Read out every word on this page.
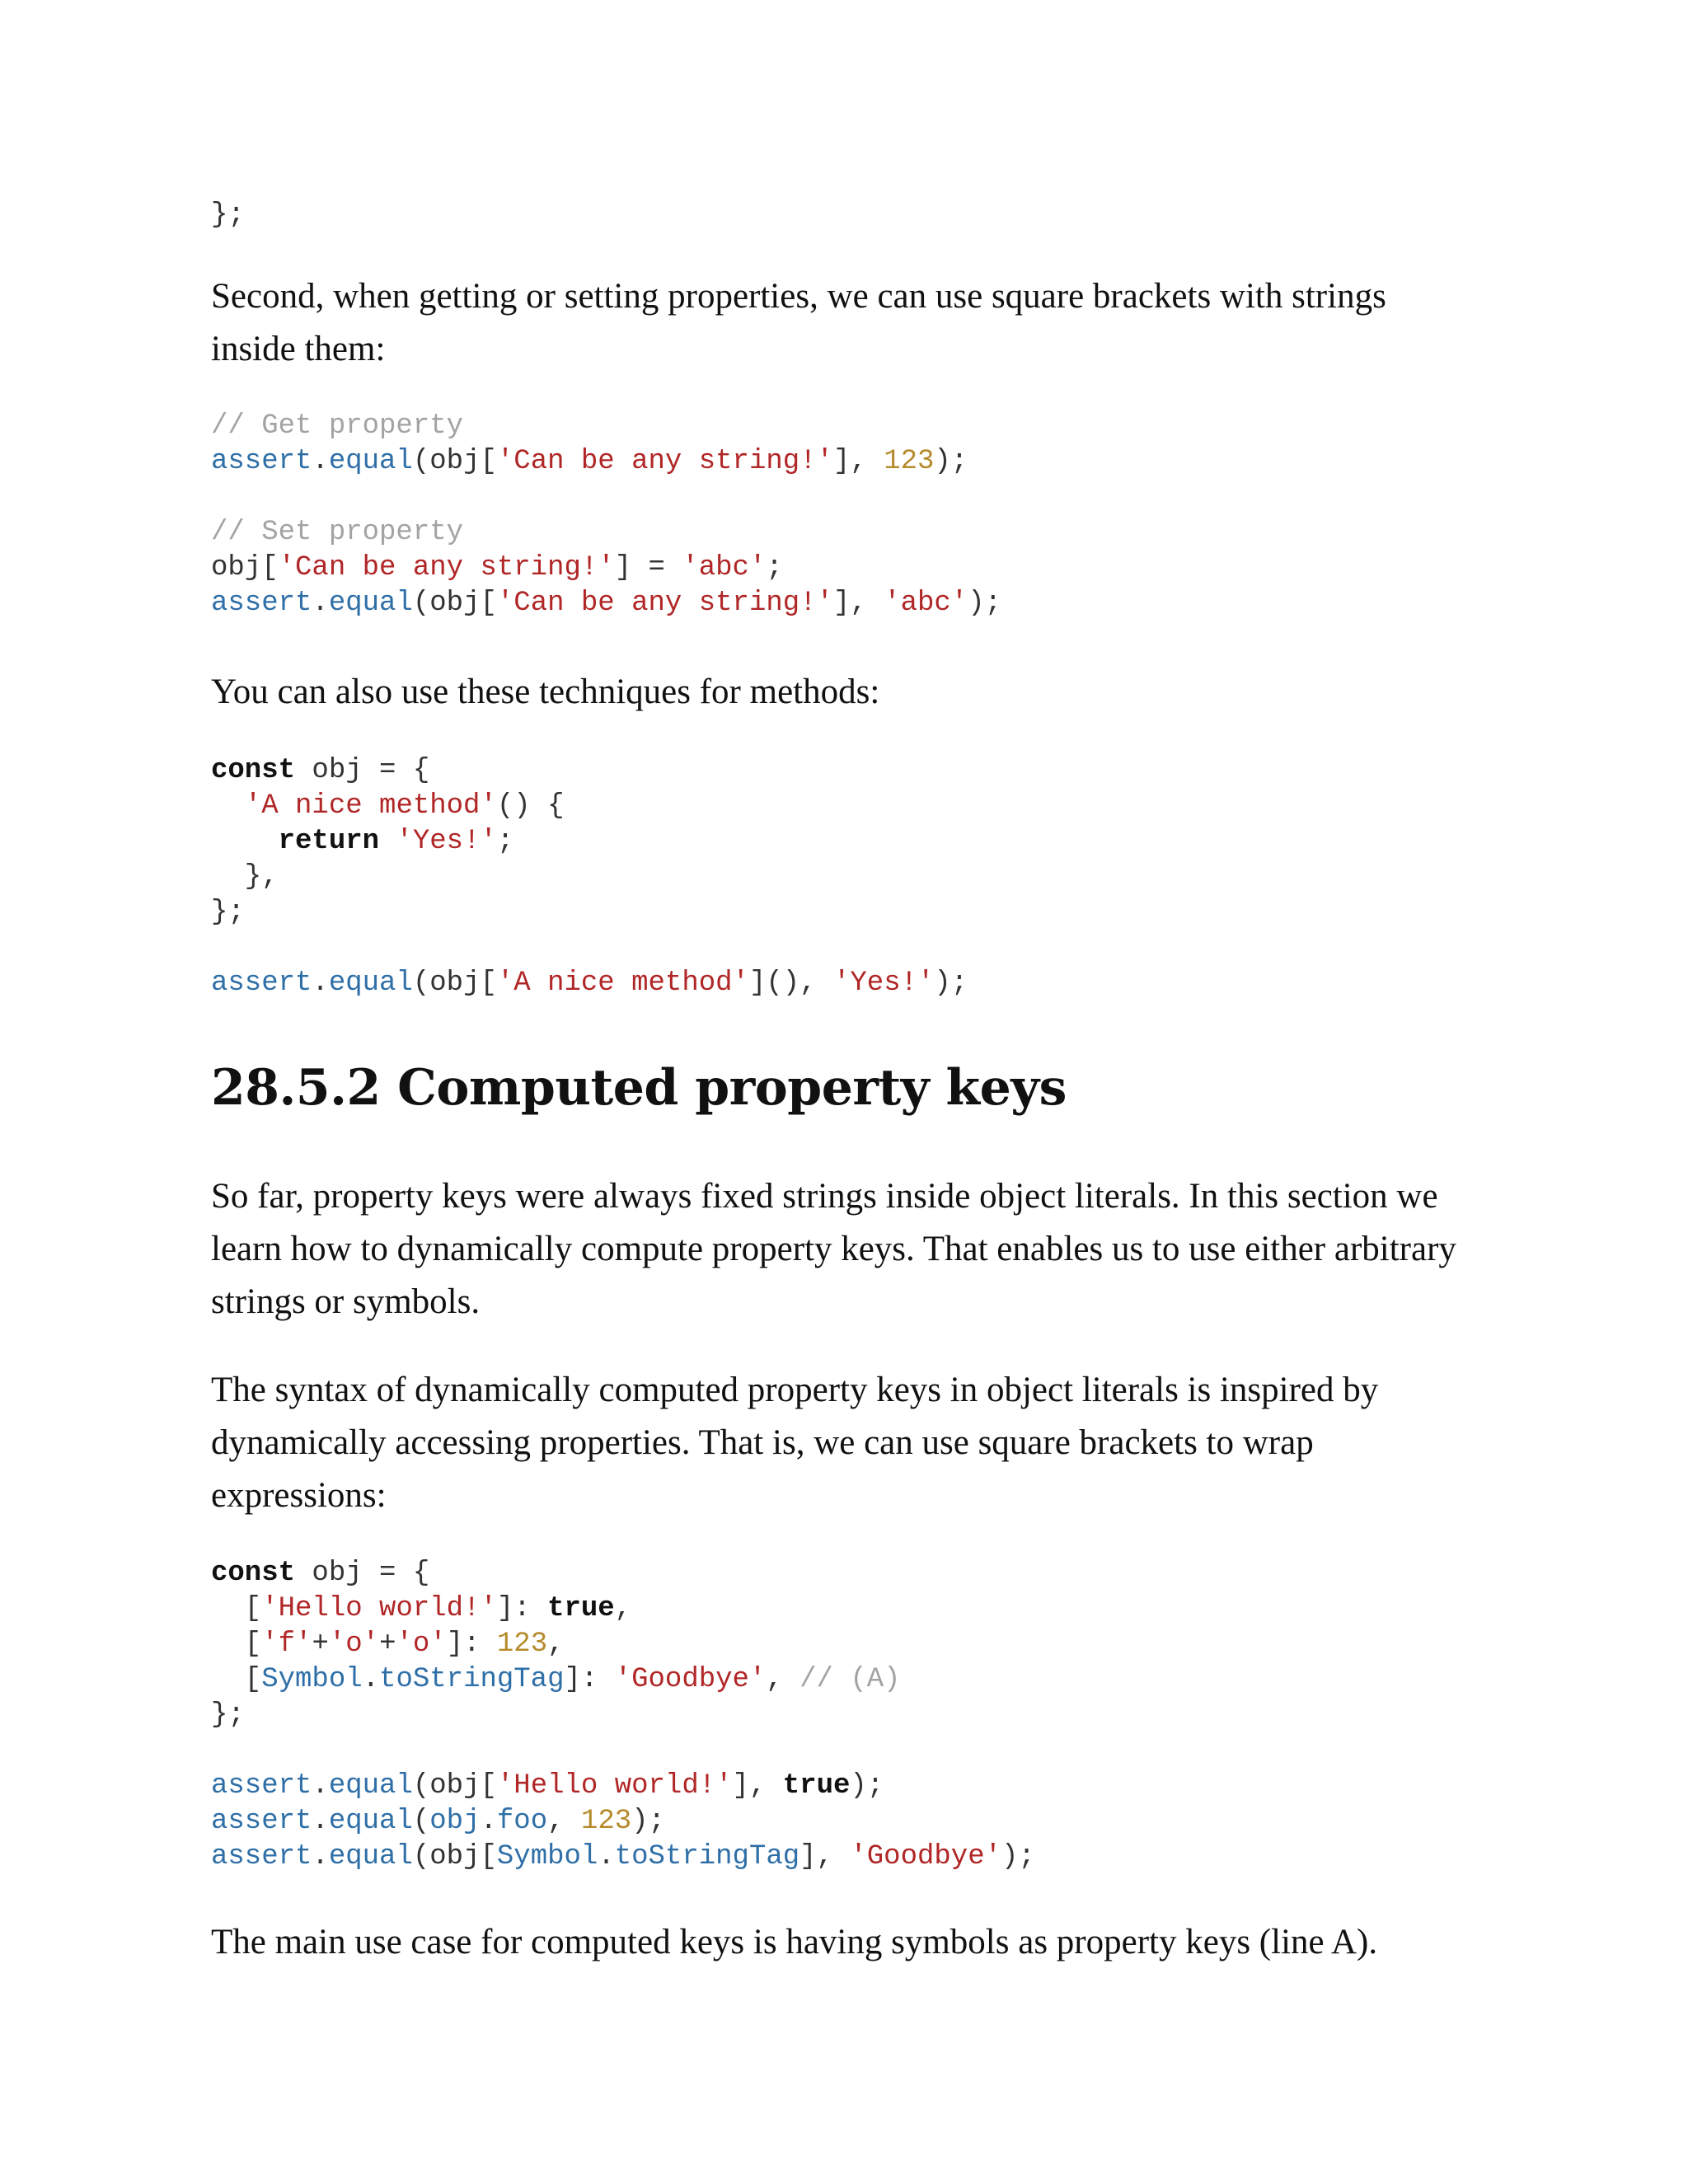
};

Second, when getting or setting properties, we can use square brackets with strings inside them:

// Get property
assert.equal(obj['Can be any string!'], 123);

// Set property
obj['Can be any string!'] = 'abc';
assert.equal(obj['Can be any string!'], 'abc');

You can also use these techniques for methods:

const obj = {
'A nice method'() {
return 'Yes!';
},
};

assert.equal(obj['A nice method'](), 'Yes!');
28.5.2 Computed property keys

So far, property keys were always fixed strings inside object literals. In this section we learn how to dynamically compute property keys. That enables us to use either arbitrary strings or symbols.

The syntax of dynamically computed property keys in object literals is inspired by dynamically accessing properties. That is, we can use square brackets to wrap expressions:

const obj = {
['Hello world!']: true,
['f'+'o'+'o']: 123,
[Symbol.toStringTag]: 'Goodbye', // (A)
};

assert.equal(obj['Hello world!'], true);
assert.equal(obj.foo, 123);
assert.equal(obj[Symbol.toStringTag], 'Goodbye');

The main use case for computed keys is having symbols as property keys (line A).
